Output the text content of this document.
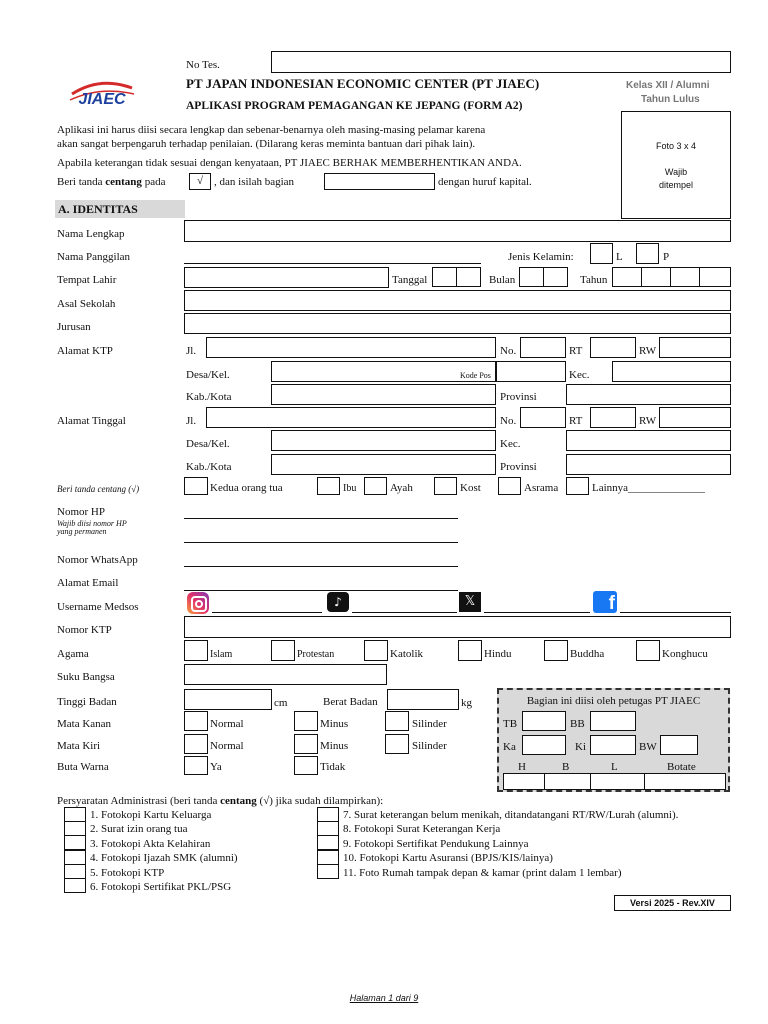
No Tes.
JIAEC
PT JAPAN INDONESIAN ECONOMIC CENTER (PT JIAEC)
APLIKASI PROGRAM PEMAGANGAN KE JEPANG (FORM A2)
Kelas XII / Alumni
Tahun Lulus
Foto 3 x 4
Wajib
ditempel
Aplikasi ini harus diisi secara lengkap dan sebenar-benarnya oleh masing-masing pelamar karena
akan sangat berpengaruh terhadap penilaian. (Dilarang keras meminta bantuan dari pihak lain).
Apabila keterangan tidak sesuai dengan kenyataan, PT JIAEC BERHAK MEMBERHENTIKAN ANDA.
Beri tanda centang pada	√ , dan isilah bagian	dengan huruf kapital.
A. IDENTITAS
Nama Lengkap
Nama Panggilan	Jenis Kelamin:	L	P
Tempat Lahir	Tanggal	Bulan	Tahun
Asal Sekolah
Jurusan
Alamat KTP	Jl.	No.	RT	RW
Desa/Kel.	Kode Pos	Kec.
Kab./Kota	Provinsi
Alamat Tinggal	Jl.	No.	RT	RW
Desa/Kel.	Kec.
Kab./Kota	Provinsi
Beri tanda centang (√)	Kedua orang tua	Ibu	Ayah	Kost	Asrama	Lainnya______________
Nomor HP
Wajib diisi nomor HP
yang permanen
Nomor WhatsApp
Alamat Email
Username Medsos	♪	𝕏	f
Nomor KTP
Agama	Islam	Protestan	Katolik	Hindu	Buddha	Konghucu
Suku Bangsa
Tinggi Badan	cm	Berat Badan	kg
Mata Kanan	Normal	Minus	Silinder
Mata Kiri	Normal	Minus	Silinder
Buta Warna	Ya	Tidak
Bagian ini diisi oleh petugas PT JIAEC
TB	BB
Ka	Ki	BW
H	B	L	Botate
Persyaratan Administrasi (beri tanda centang (√) jika sudah dilampirkan):
1. Fotokopi Kartu Keluarga
2. Surat izin orang tua
3. Fotokopi Akta Kelahiran
4. Fotokopi Ijazah SMK (alumni)
5. Fotokopi KTP
6. Fotokopi Sertifikat PKL/PSG
7. Surat keterangan belum menikah, ditandatangani RT/RW/Lurah (alumni).
8. Fotokopi Surat Keterangan Kerja
9. Fotokopi Sertifikat Pendukung Lainnya
10. Fotokopi Kartu Asuransi (BPJS/KIS/lainya)
11. Foto Rumah tampak depan & kamar (print dalam 1 lembar)
Versi 2025 - Rev.XIV
Halaman 1 dari 9
